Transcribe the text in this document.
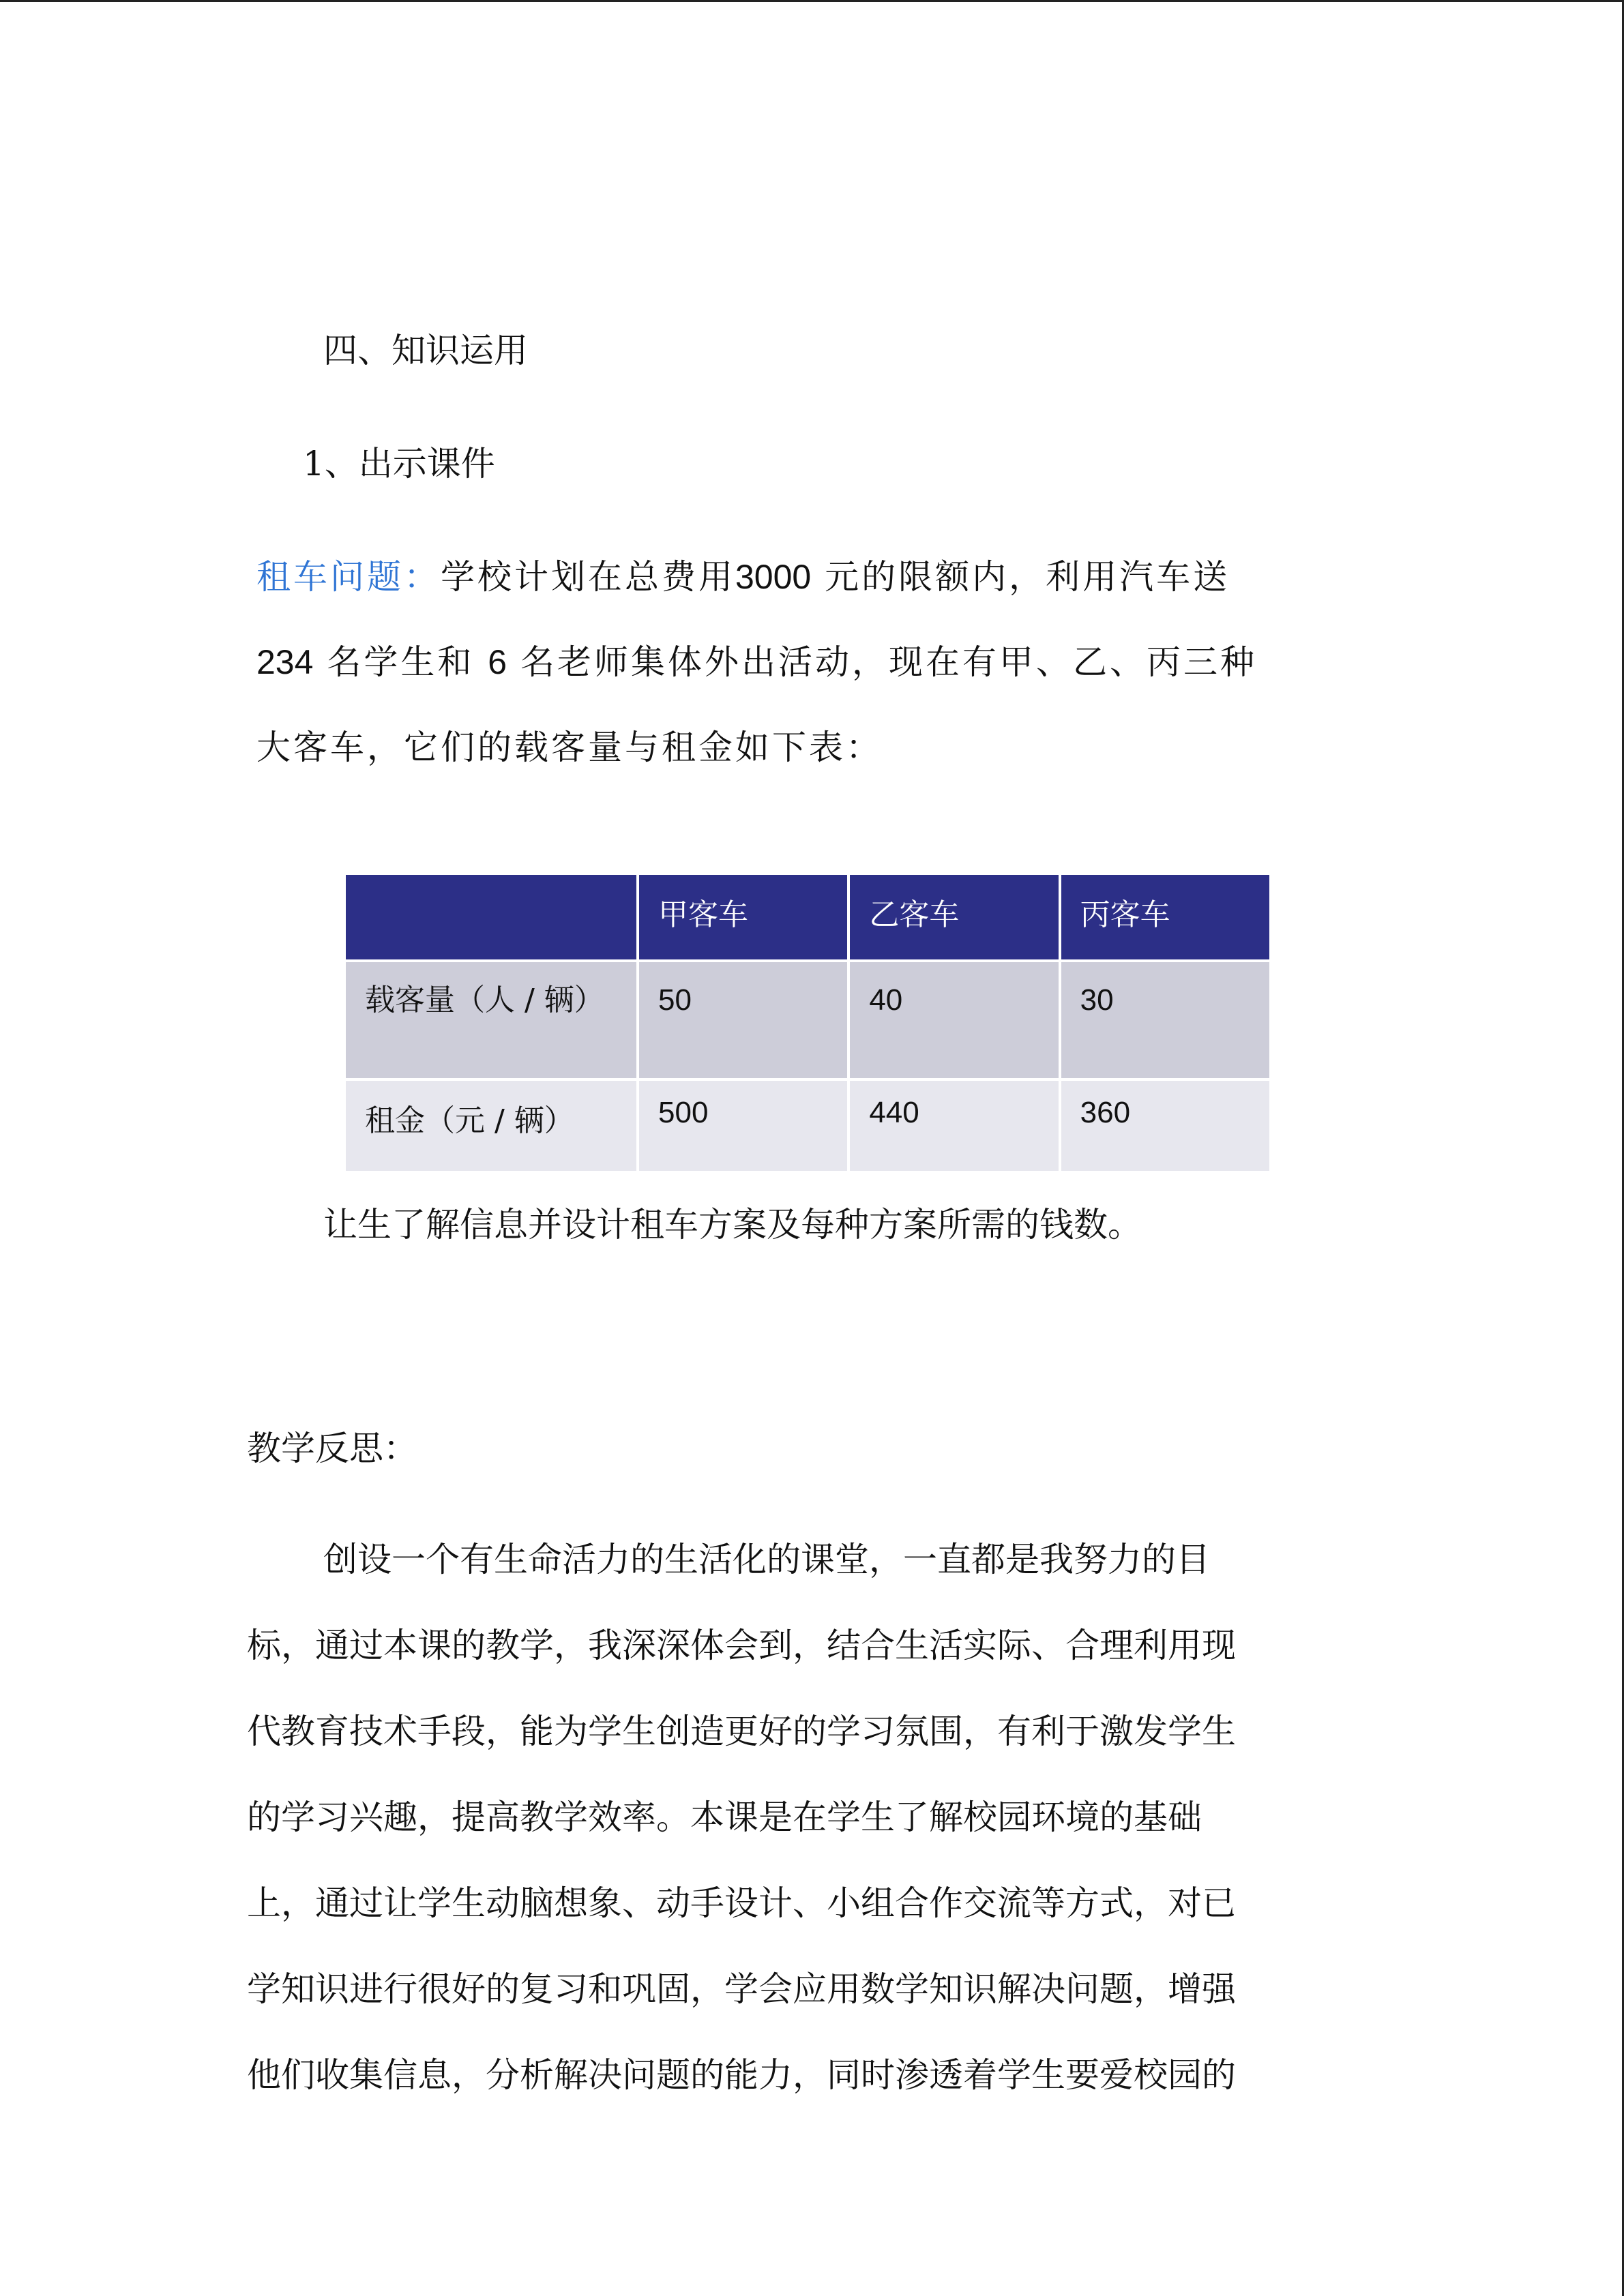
四、知识运用
1、出示课件
租车问题：学校计划在总费用3000 元的限额内，利用汽车送
234 名学生和 6 名老师集体外出活动，现在有甲、乙、丙三种
大客车，它们的载客量与租金如下表：
	甲客车	乙客车	丙客车
载客量（人 / 辆）	50	40	30
租金（元 / 辆）	500	440	360
让生了解信息并设计租车方案及每种方案所需的钱数。
教学反思：
创设一个有生命活力的生活化的课堂，一直都是我努力的目
标，通过本课的教学，我深深体会到，结合生活实际、合理利用现
代教育技术手段，能为学生创造更好的学习氛围，有利于激发学生
的学习兴趣，提高教学效率。本课是在学生了解校园环境的基础
上，通过让学生动脑想象、动手设计、小组合作交流等方式，对已
学知识进行很好的复习和巩固，学会应用数学知识解决问题，增强
他们收集信息，分析解决问题的能力，同时渗透着学生要爱校园的
